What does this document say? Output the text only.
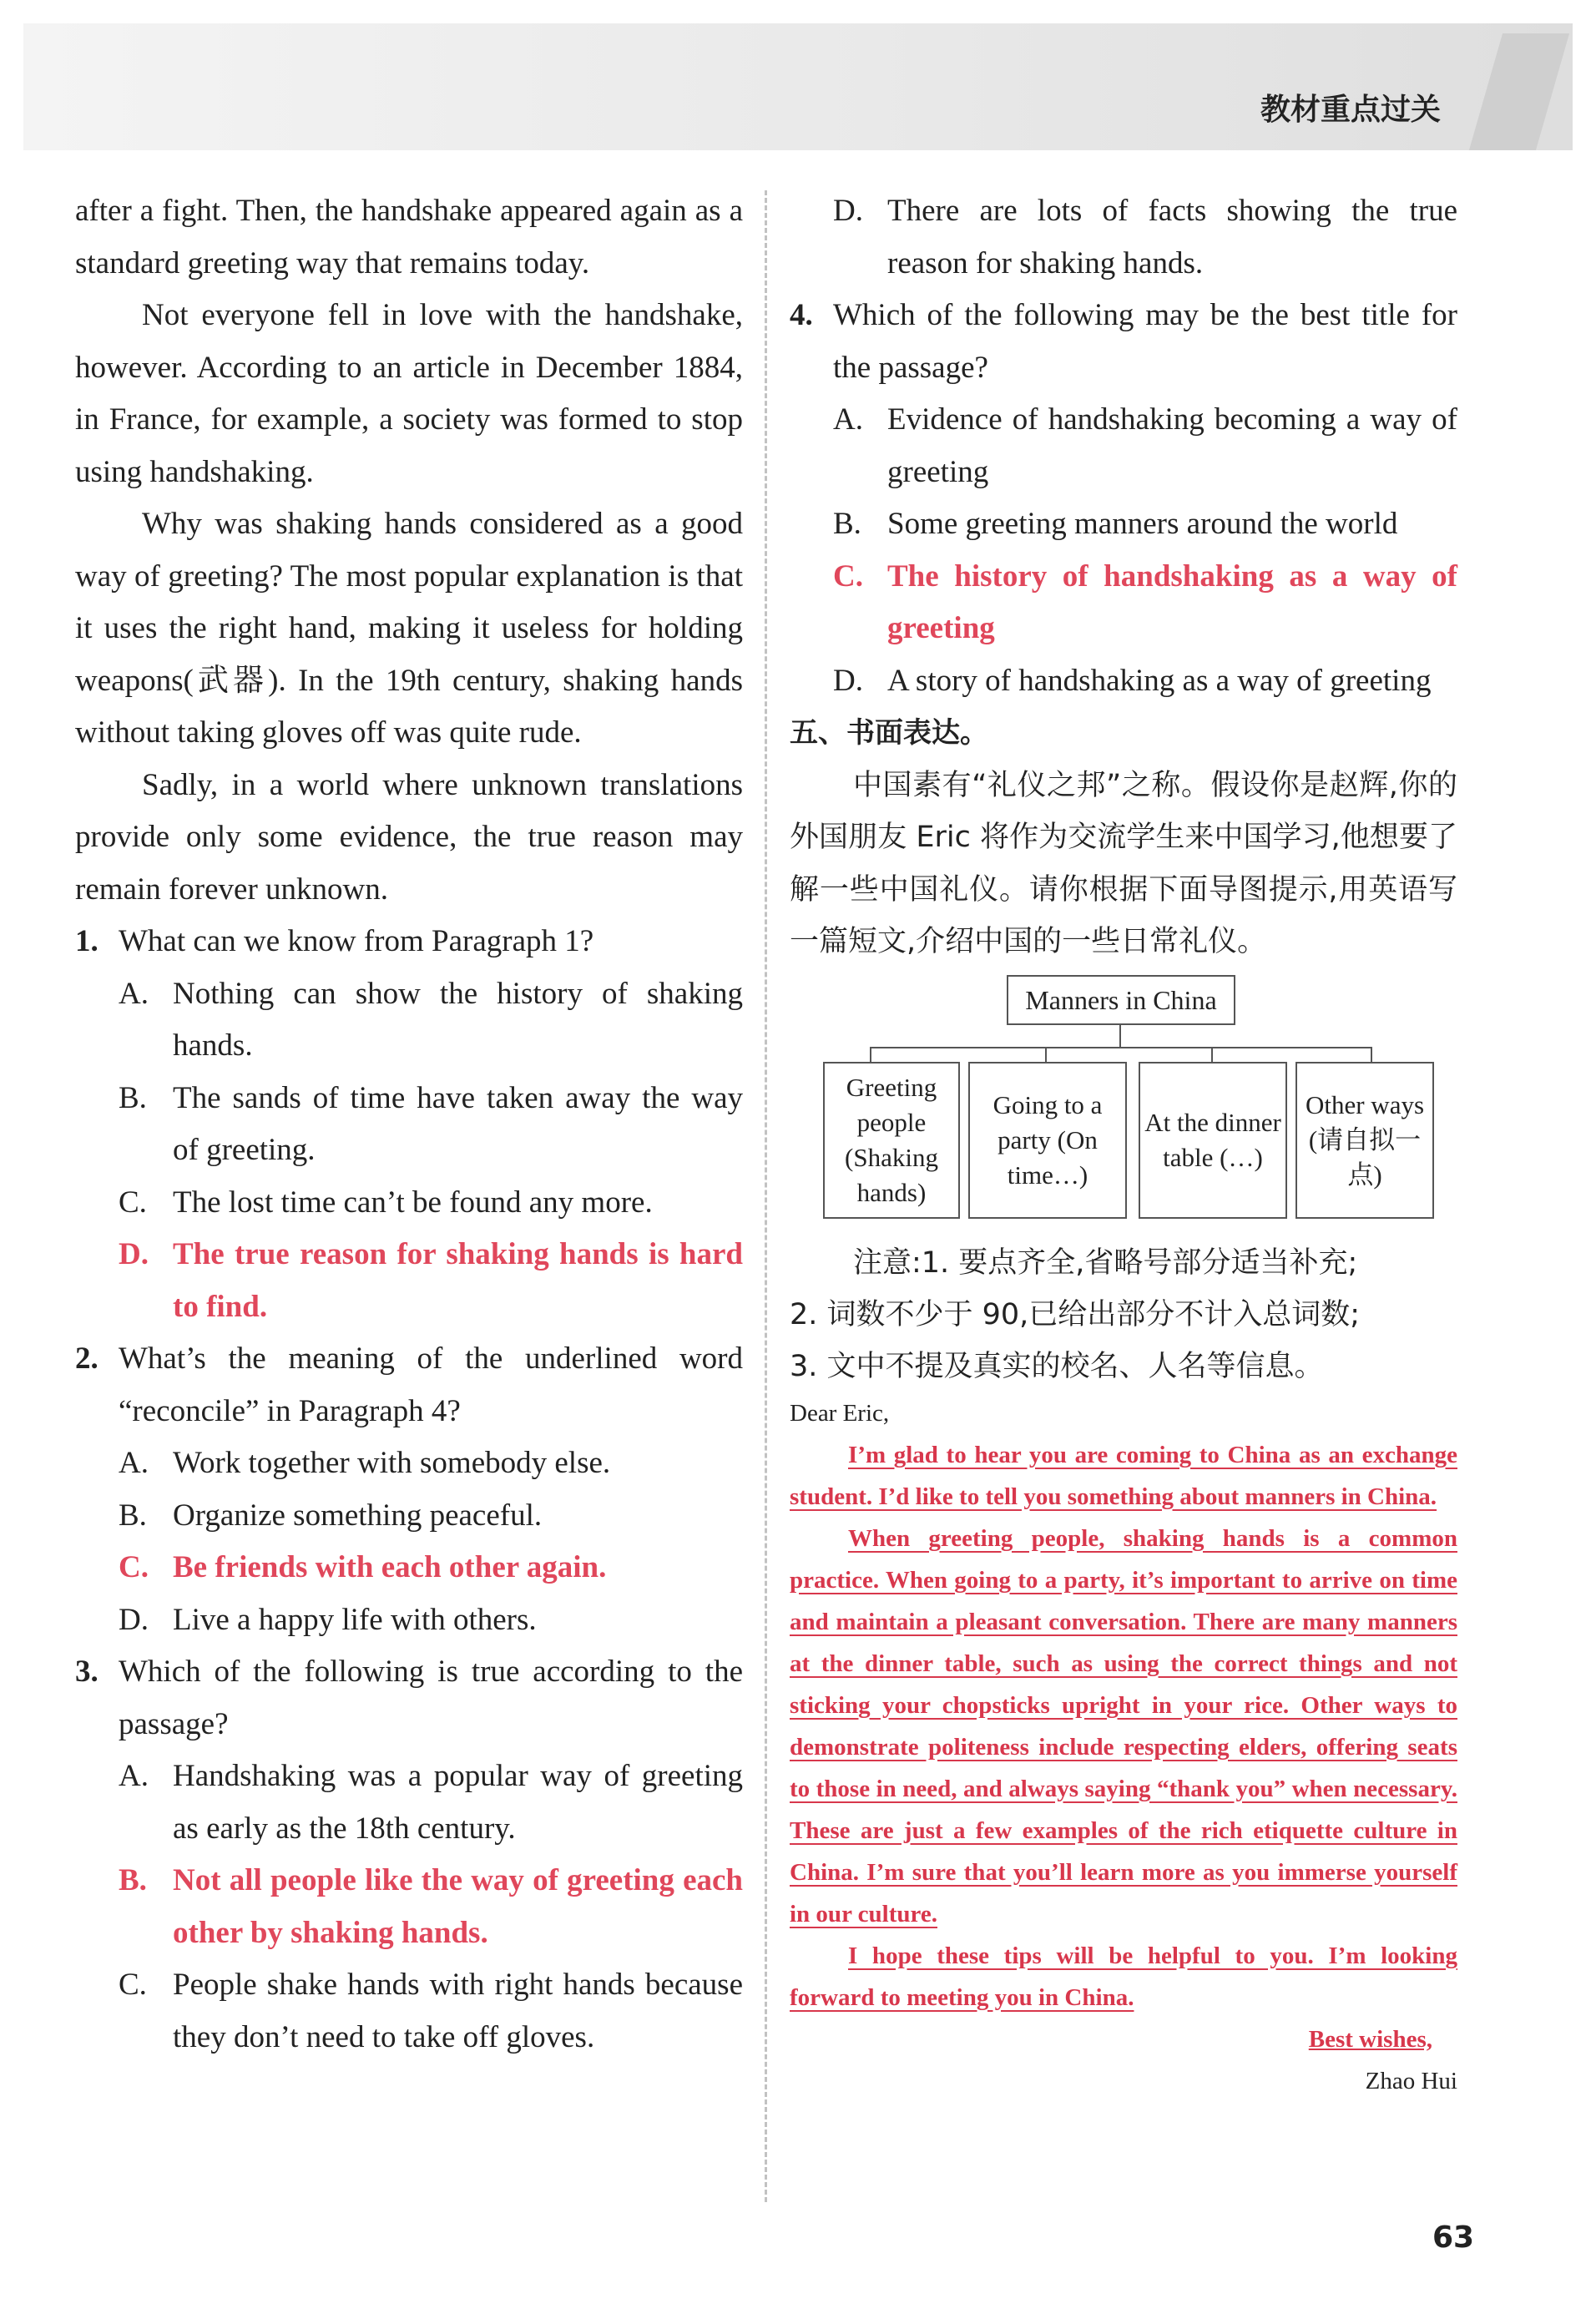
教材重点过关

after a fight. Then, the handshake appeared again as a standard greeting way that remains today.

Not everyone fell in love with the handshake, however. According to an article in December 1884, in France, for example, a society was formed to stop using handshaking.

Why was shaking hands considered as a good way of greeting? The most popular explanation is that it uses the right hand, making it useless for holding weapons(武器). In the 19th century, shaking hands without taking gloves off was quite rude.

Sadly, in a world where unknown translations provide only some evidence, the true reason may remain forever unknown.

1. What can we know from Paragraph 1?
A. Nothing can show the history of shaking hands.
B. The sands of time have taken away the way of greeting.
C. The lost time can’t be found any more.
D. The true reason for shaking hands is hard to find.
2. What’s the meaning of the underlined word “reconcile” in Paragraph 4?
A. Work together with somebody else.
B. Organize something peaceful.
C. Be friends with each other again.
D. Live a happy life with others.
3. Which of the following is true according to the passage?
A. Handshaking was a popular way of greeting as early as the 18th century.
B. Not all people like the way of greeting each other by shaking hands.
C. People shake hands with right hands because they don’t need to take off gloves.
D. There are lots of facts showing the true reason for shaking hands.
4. Which of the following may be the best title for the passage?
A. Evidence of handshaking becoming a way of greeting
B. Some greeting manners around the world
C. The history of handshaking as a way of greeting
D. A story of handshaking as a way of greeting
五、书面表达。

中国素有“礼仪之邦”之称。假设你是赵辉,你的外国朋友 Eric 将作为交流学生来中国学习,他想要了解一些中国礼仪。请你根据下面导图提示,用英语写一篇短文,介绍中国的一些日常礼仪。

Manners in China
Greeting people (Shaking hands)
Going to a party (On time…)
At the dinner table (…)
Other ways (请自拟一点)
注意:1. 要点齐全,省略号部分适当补充;
2. 词数不少于 90,已给出部分不计入总词数;
3. 文中不提及真实的校名、人名等信息。
Dear Eric,

I’m glad to hear you are coming to China as an exchange student. I’d like to tell you something about manners in China.

When greeting people, shaking hands is a common practice. When going to a party, it’s important to arrive on time and maintain a pleasant conversation. There are many manners at the dinner table, such as using the correct things and not sticking your chopsticks upright in your rice. Other ways to demonstrate politeness include respecting elders, offering seats to those in need, and always saying “thank you” when necessary. These are just a few examples of the rich etiquette culture in China. I’m sure that you’ll learn more as you immerse yourself in our culture.

I hope these tips will be helpful to you. I’m looking forward to meeting you in China.

Best wishes,
Zhao Hui
63
